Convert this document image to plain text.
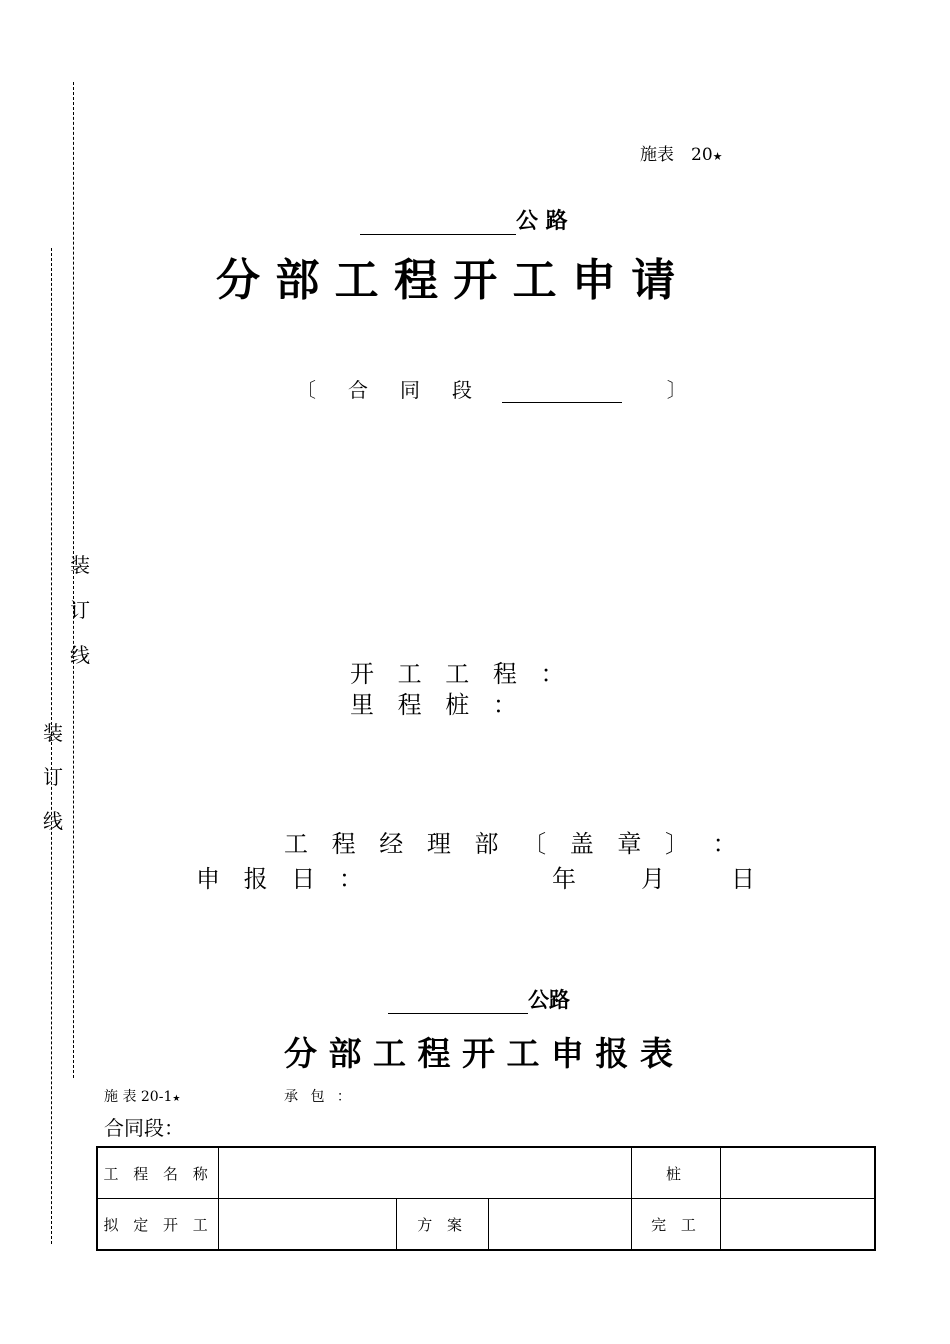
装
订
线
装
订
线
施表　20★
公 路
分 部 工 程 开 工 申 请
〔　合　同　段	〕
开 工 工 程 ：
里 程 桩 ：
工 程 经 理 部 〔 盖 章 〕 ：
申 报 日 ：	年	月	日
公路
分 部 工 程 开 工 申 报 表
施 表 20-1★	承 包 ：
合同段：
工 程 名 称				桩	
拟 定 开 工		方 案		完 工	
